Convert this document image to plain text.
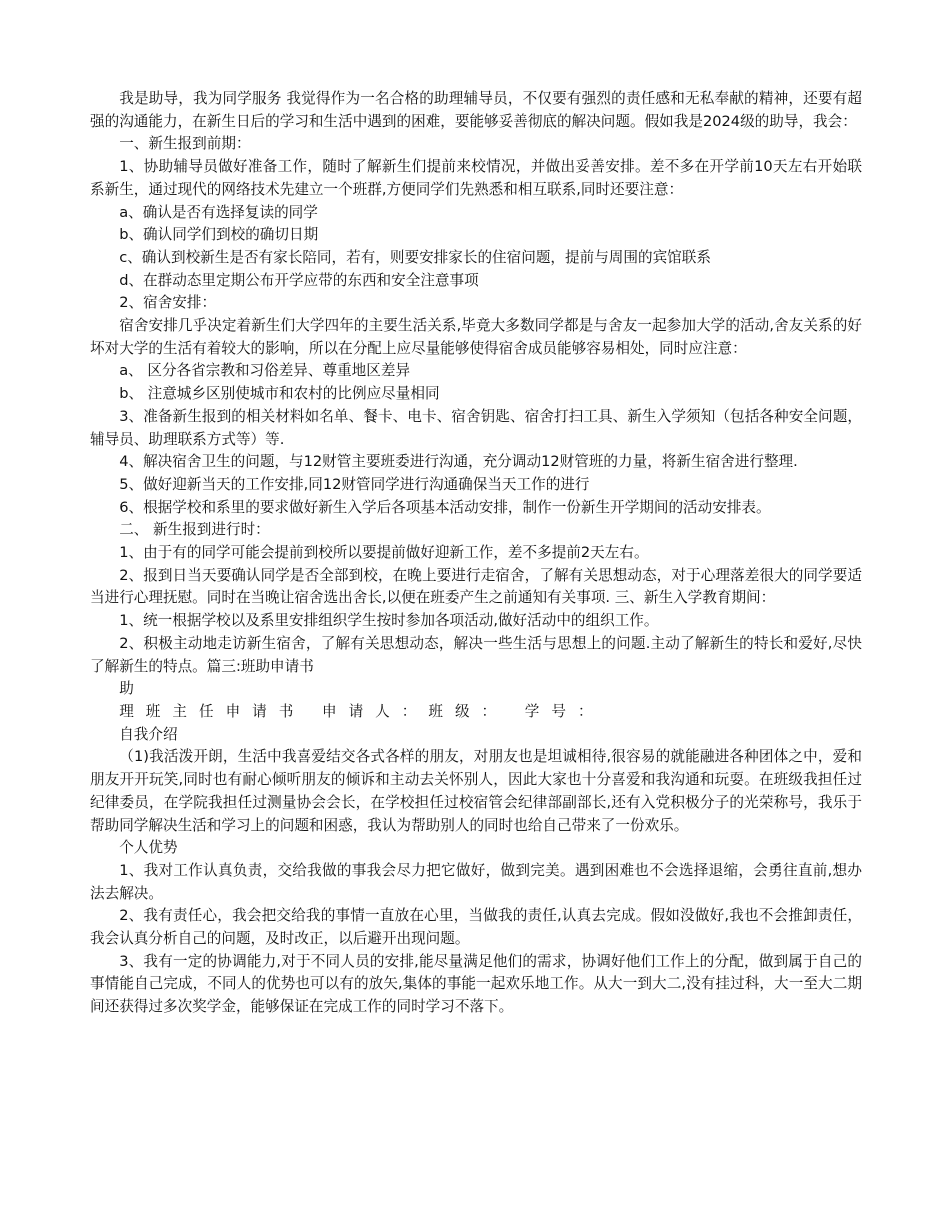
我是助导，我为同学服务 我觉得作为一名合格的助理辅导员，不仅要有强烈的责任感和无私奉献的精神，还要有超强的沟通能力，在新生日后的学习和生活中遇到的困难，要能够妥善彻底的解决问题。假如我是2024级的助导，我会：

一、新生报到前期：

1、协助辅导员做好准备工作，随时了解新生们提前来校情况，并做出妥善安排。差不多在开学前10天左右开始联系新生，通过现代的网络技术先建立一个班群,方便同学们先熟悉和相互联系,同时还要注意：

a、确认是否有选择复读的同学

b、确认同学们到校的确切日期

c、确认到校新生是否有家长陪同，若有，则要安排家长的住宿问题，提前与周围的宾馆联系

d、在群动态里定期公布开学应带的东西和安全注意事项

2、宿舍安排：

宿舍安排几乎决定着新生们大学四年的主要生活关系,毕竟大多数同学都是与舍友一起参加大学的活动,舍友关系的好坏对大学的生活有着较大的影响，所以在分配上应尽量能够使得宿舍成员能够容易相处，同时应注意：

a、 区分各省宗教和习俗差异、尊重地区差异

b、 注意城乡区别使城市和农村的比例应尽量相同

3、准备新生报到的相关材料如名单、餐卡、电卡、宿舍钥匙、宿舍打扫工具、新生入学须知（包括各种安全问题，辅导员、助理联系方式等）等.

4、解决宿舍卫生的问题，与12财管主要班委进行沟通，充分调动12财管班的力量，将新生宿舍进行整理.

5、做好迎新当天的工作安排,同12财管同学进行沟通确保当天工作的进行

6、根据学校和系里的要求做好新生入学后各项基本活动安排，制作一份新生开学期间的活动安排表。

二、 新生报到进行时：

1、由于有的同学可能会提前到校所以要提前做好迎新工作，差不多提前2天左右。

2、报到日当天要确认同学是否全部到校，在晚上要进行走宿舍，了解有关思想动态，对于心理落差很大的同学要适当进行心理抚慰。同时在当晚让宿舍选出舍长,以便在班委产生之前通知有关事项. 三、新生入学教育期间：

1、统一根据学校以及系里安排组织学生按时参加各项活动,做好活动中的组织工作。

2、积极主动地走访新生宿舍，了解有关思想动态，解决一些生活与思想上的问题.主动了解新生的特长和爱好,尽快了解新生的特点。篇三:班助申请书

助

理班主任申请书 申请人：班级： 学号：

自我介绍

（1)我活泼开朗，生活中我喜爱结交各式各样的朋友，对朋友也是坦诚相待,很容易的就能融进各种团体之中，爱和朋友开开玩笑,同时也有耐心倾听朋友的倾诉和主动去关怀别人，因此大家也十分喜爱和我沟通和玩耍。在班级我担任过纪律委员，在学院我担任过测量协会会长，在学校担任过校宿管会纪律部副部长,还有入党积极分子的光荣称号，我乐于帮助同学解决生活和学习上的问题和困惑，我认为帮助别人的同时也给自己带来了一份欢乐。

个人优势

1、我对工作认真负责，交给我做的事我会尽力把它做好，做到完美。遇到困难也不会选择退缩，会勇往直前,想办法去解决。

2、我有责任心，我会把交给我的事情一直放在心里，当做我的责任,认真去完成。假如没做好,我也不会推卸责任，我会认真分析自己的问题，及时改正，以后避开出现问题。

3、我有一定的协调能力,对于不同人员的安排,能尽量满足他们的需求，协调好他们工作上的分配，做到属于自己的事情能自己完成，不同人的优势也可以有的放矢,集体的事能一起欢乐地工作。从大一到大二,没有挂过科，大一至大二期间还获得过多次奖学金，能够保证在完成工作的同时学习不落下。
